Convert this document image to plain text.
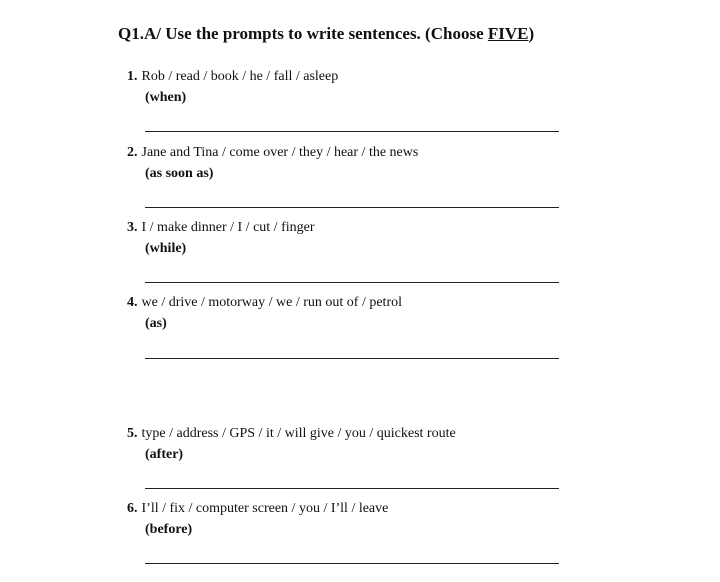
Q1.A/ Use the prompts to write sentences. (Choose FIVE)
1. Rob / read / book / he / fall / asleep
(when)
2. Jane and Tina / come over / they / hear / the news
(as soon as)
3. I / make dinner / I / cut / finger
(while)
4. we / drive / motorway / we / run out of / petrol
(as)
5. type / address / GPS / it / will give / you / quickest route
(after)
6. I’ll / fix / computer screen / you / I’ll / leave
(before)
